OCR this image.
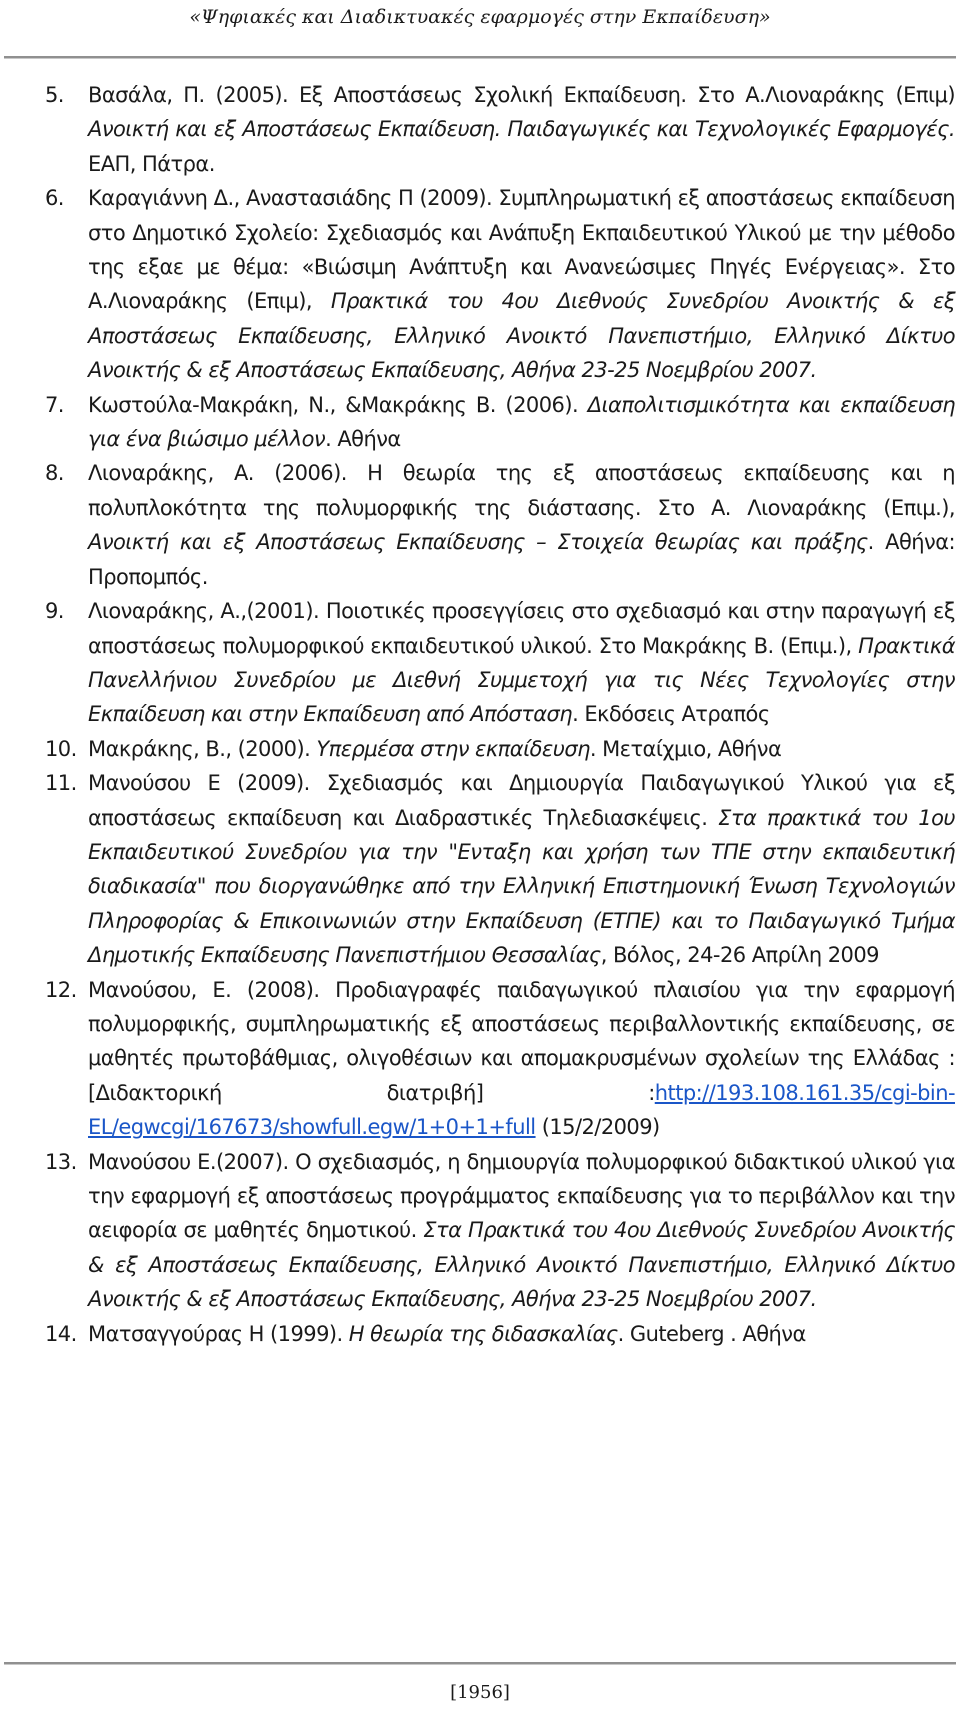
«Ψηφιακές και Διαδικτυακές εφαρμογές στην Εκπαίδευση»
5. Βασάλα, Π. (2005). Εξ Αποστάσεως Σχολική Εκπαίδευση. Στο Α.Λιοναράκης (Επιμ) Ανοικτή και εξ Αποστάσεως Εκπαίδευση. Παιδαγωγικές και Τεχνολογικές Εφαρμογές. ΕΑΠ, Πάτρα.
6. Καραγιάννη Δ., Αναστασιάδης Π (2009). Συμπληρωματική εξ αποστάσεως εκπαίδευση στο Δημοτικό Σχολείο: Σχεδιασμός και Ανάπυξη Εκπαιδευτικού Υλικού με την μέθοδο της εξαε με θέμα: «Βιώσιμη Ανάπτυξη και Ανανεώσιμες Πηγές Ενέργειας». Στο Α.Λιοναράκης (Επιμ), Πρακτικά του 4ου Διεθνούς Συνεδρίου Ανοικτής & εξ Αποστάσεως Εκπαίδευσης, Ελληνικό Ανοικτό Πανεπιστήμιο, Ελληνικό Δίκτυο Ανοικτής & εξ Αποστάσεως Εκπαίδευσης, Αθήνα 23-25 Νοεμβρίου 2007.
7. Κωστούλα-Μακράκη, Ν., &Μακράκης Β. (2006). Διαπολιτισμικότητα και εκπαίδευση για ένα βιώσιμο μέλλον. Αθήνα
8. Λιοναράκης, Α. (2006). Η θεωρία της εξ αποστάσεως εκπαίδευσης και η πολυπλοκότητα της πολυμορφικής της διάστασης. Στο Α. Λιοναράκης (Επιμ.), Ανοικτή και εξ Αποστάσεως Εκπαίδευσης – Στοιχεία θεωρίας και πράξης. Αθήνα: Προπομπός.
9. Λιοναράκης, Α.,(2001). Ποιοτικές προσεγγίσεις στο σχεδιασμό και στην παραγωγή εξ αποστάσεως πολυμορφικού εκπαιδευτικού υλικού. Στο Μακράκης Β. (Επιμ.), Πρακτικά Πανελλήνιου Συνεδρίου με Διεθνή Συμμετοχή για τις Νέες Τεχνολογίες στην Εκπαίδευση και στην Εκπαίδευση από Απόσταση. Εκδόσεις Ατραπός
10. Μακράκης, Β., (2000). Υπερμέσα στην εκπαίδευση. Μεταίχμιο, Αθήνα
11. Μανούσου Ε (2009). Σχεδιασμός και Δημιουργία Παιδαγωγικού Υλικού για εξ αποστάσεως εκπαίδευση και Διαδραστικές Τηλεδιασκέψεις. Στα πρακτικά του 1ου Εκπαιδευτικού Συνεδρίου για την "Ενταξη και χρήση των ΤΠΕ στην εκπαιδευτική διαδικασία" που διοργανώθηκε από την Ελληνική Επιστημονική Ένωση Τεχνολογιών Πληροφορίας & Επικοινωνιών στην Εκπαίδευση (ΕΤΠΕ) και το Παιδαγωγικό Τμήμα Δημοτικής Εκπαίδευσης Πανεπιστήμιου Θεσσαλίας, Βόλος, 24-26 Απρίλη 2009
12. Μανούσου, Ε. (2008). Προδιαγραφές παιδαγωγικού πλαισίου για την εφαρμογή πολυμορφικής, συμπληρωματικής εξ αποστάσεως περιβαλλοντικής εκπαίδευσης, σε μαθητές πρωτοβάθμιας, ολιγοθέσιων και απομακρυσμένων σχολείων της Ελλάδας : [Διδακτορική διατριβή] :http://193.108.161.35/cgi-bin-EL/egwcgi/167673/showfull.egw/1+0+1+full (15/2/2009)
13. Μανούσου Ε.(2007). Ο σχεδιασμός, η δημιουργία πολυμορφικού διδακτικού υλικού για την εφαρμογή εξ αποστάσεως προγράμματος εκπαίδευσης για το περιβάλλον και την αειφορία σε μαθητές δημοτικού. Στα Πρακτικά του 4ου Διεθνούς Συνεδρίου Ανοικτής & εξ Αποστάσεως Εκπαίδευσης, Ελληνικό Ανοικτό Πανεπιστήμιο, Ελληνικό Δίκτυο Ανοικτής & εξ Αποστάσεως Εκπαίδευσης, Αθήνα 23-25 Νοεμβρίου 2007.
14. Ματσαγγούρας Η (1999). Η θεωρία της διδασκαλίας. Guteberg . Αθήνα
[1956]
